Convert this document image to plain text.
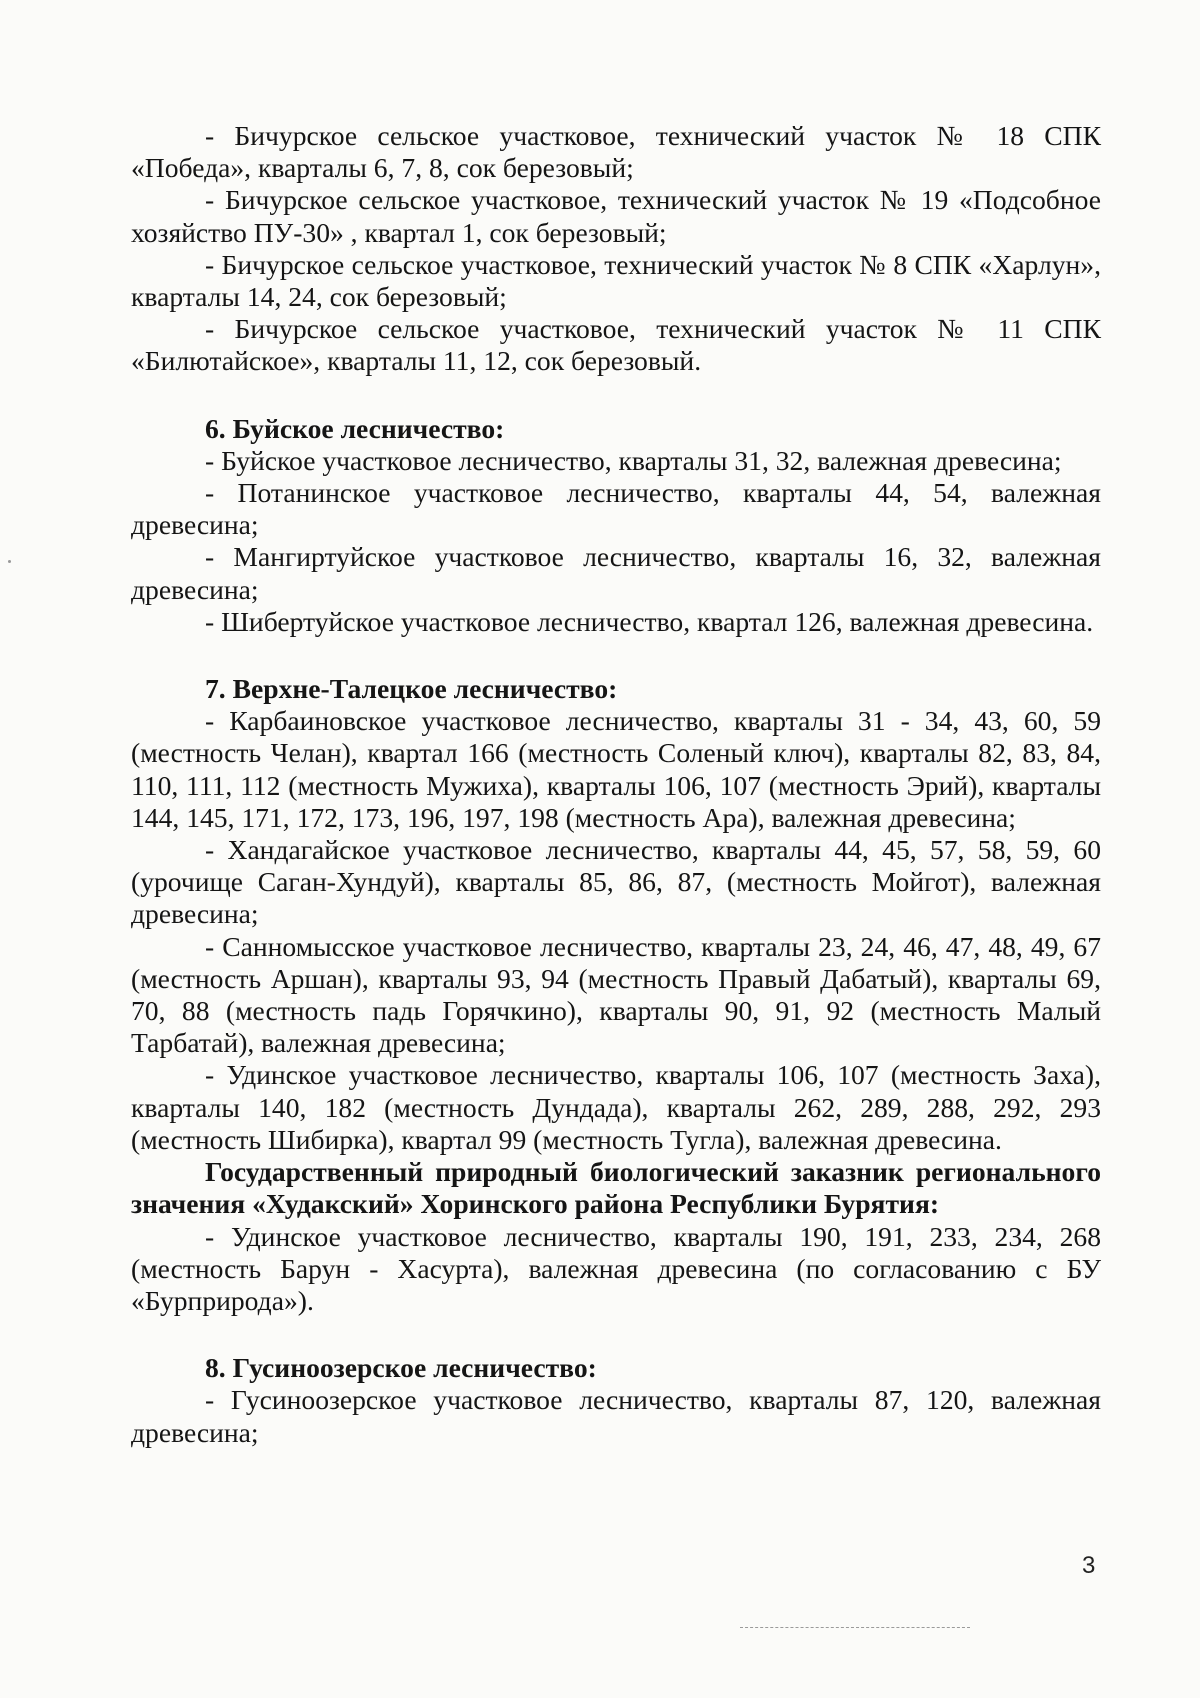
- Бичурское сельское участковое, технический участок № 18 СПК «Победа», кварталы 6, 7, 8, сок березовый;

- Бичурское сельское участковое, технический участок № 19 «Подсобное хозяйство ПУ-30» , квартал 1, сок березовый;

- Бичурское сельское участковое, технический участок № 8 СПК «Харлун», кварталы 14, 24, сок березовый;

- Бичурское сельское участковое, технический участок № 11 СПК «Билютайское», кварталы 11, 12, сок березовый.

6. Буйское лесничество:

- Буйское участковое лесничество, кварталы 31, 32, валежная древесина;

- Потанинское участковое лесничество, кварталы 44, 54, валежная древесина;

- Мангиртуйское участковое лесничество, кварталы 16, 32, валежная древесина;

- Шибертуйское участковое лесничество, квартал 126, валежная древесина.

7. Верхне-Талецкое лесничество:

- Карбаиновское участковое лесничество, кварталы 31 - 34, 43, 60, 59 (местность Челан), квартал 166 (местность Соленый ключ), кварталы 82, 83, 84, 110, 111, 112 (местность Мужиха), кварталы 106, 107 (местность Эрий), кварталы 144, 145, 171, 172, 173, 196, 197, 198 (местность Ара), валежная древесина;

- Хандагайское участковое лесничество, кварталы 44, 45, 57, 58, 59, 60 (урочище Саган-Хундуй), кварталы 85, 86, 87, (местность Мойгот), валежная древесина;

- Санномысское участковое лесничество, кварталы 23, 24, 46, 47, 48, 49, 67 (местность Аршан), кварталы 93, 94 (местность Правый Дабатый), кварталы 69, 70, 88 (местность падь Горячкино), кварталы 90, 91, 92 (местность Малый Тарбатай), валежная древесина;

- Удинское участковое лесничество, кварталы 106, 107 (местность Заха), кварталы 140, 182 (местность Дундада), кварталы 262, 289, 288, 292, 293 (местность Шибирка), квартал 99 (местность Тугла), валежная древесина.

Государственный природный биологический заказник регионального значения «Худакский» Хоринского района Республики Бурятия:

- Удинское участковое лесничество, кварталы 190, 191, 233, 234, 268 (местность Барун - Хасурта), валежная древесина (по согласованию с БУ «Бурприрода»).

8. Гусиноозерское лесничество:

- Гусиноозерское участковое лесничество, кварталы 87, 120, валежная древесина;

3
